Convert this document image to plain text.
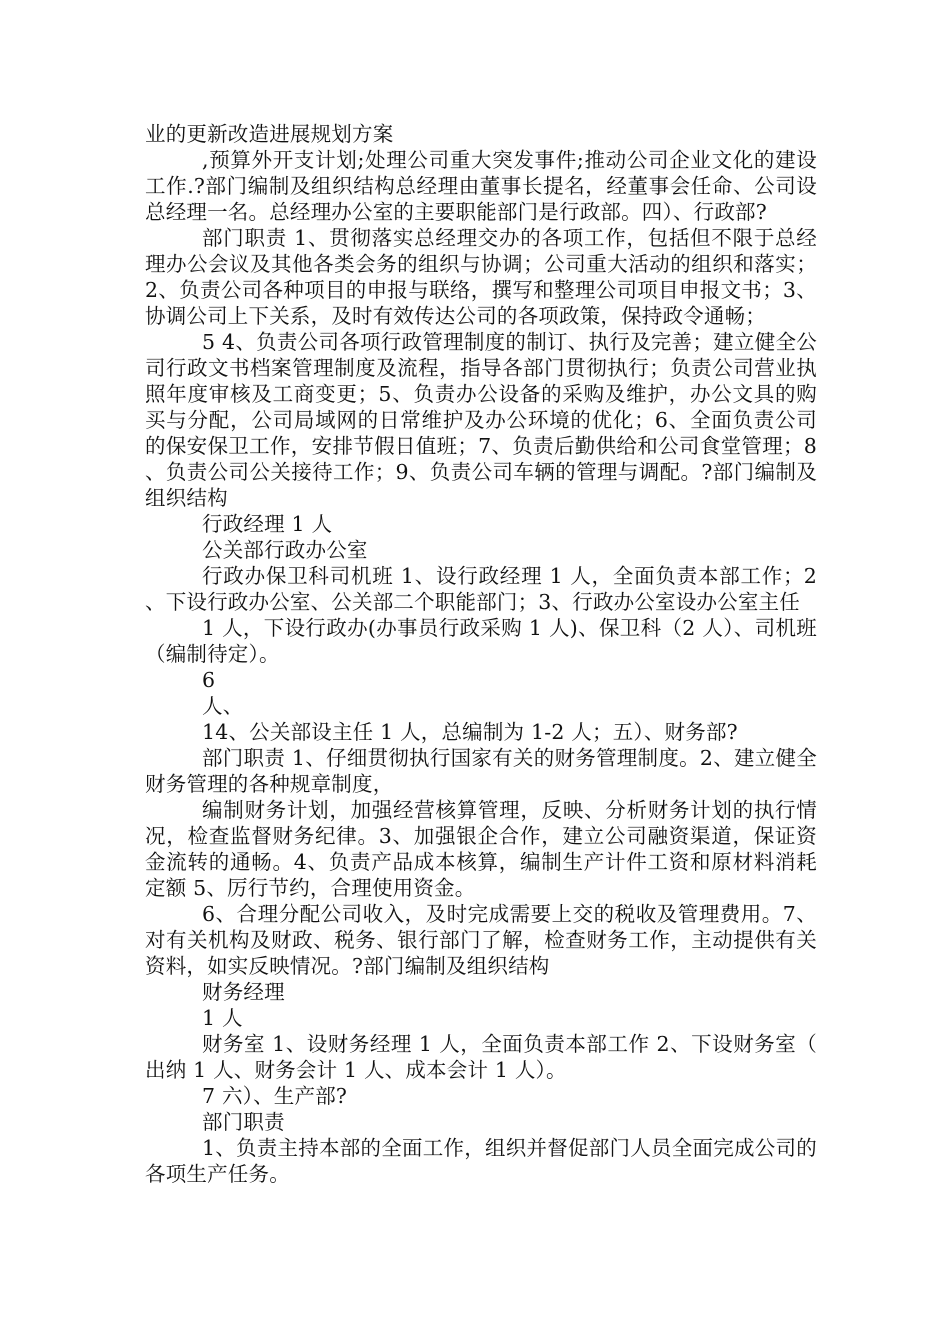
业的更新改造进展规划方案

,预算外开支计划;处理公司重大突发事件;推动公司企业文化的建设工作.?部门编制及组织结构总经理由董事长提名，经董事会任命、公司设总经理一名。总经理办公室的主要职能部门是行政部。四）、行政部?

部门职责 1、贯彻落实总经理交办的各项工作，包括但不限于总经理办公会议及其他各类会务的组织与协调；公司重大活动的组织和落实；2、负责公司各种项目的申报与联络，撰写和整理公司项目申报文书；3、协调公司上下关系，及时有效传达公司的各项政策，保持政令通畅；

5 4、负责公司各项行政管理制度的制订、执行及完善；建立健全公司行政文书档案管理制度及流程，指导各部门贯彻执行；负责公司营业执照年度审核及工商变更；5、负责办公设备的采购及维护，办公文具的购买与分配，公司局域网的日常维护及办公环境的优化；6、全面负责公司的保安保卫工作，安排节假日值班；7、负责后勤供给和公司食堂管理；8、负责公司公关接待工作；9、负责公司车辆的管理与调配。?部门编制及组织结构

行政经理 1 人

公关部行政办公室

行政办保卫科司机班 1、设行政经理 1 人，全面负责本部工作；2、下设行政办公室、公关部二个职能部门；3、行政办公室设办公室主任

1 人，下设行政办(办事员行政采购 1 人)、保卫科（2 人）、司机班（编制待定）。

6

人、

14、公关部设主任 1 人，总编制为 1-2 人；五）、财务部?

部门职责 1、仔细贯彻执行国家有关的财务管理制度。2、建立健全财务管理的各种规章制度，

编制财务计划，加强经营核算管理，反映、分析财务计划的执行情况，检查监督财务纪律。3、加强银企合作，建立公司融资渠道，保证资金流转的通畅。4、负责产品成本核算，编制生产计件工资和原材料消耗定额 5、厉行节约，合理使用资金。

6、合理分配公司收入，及时完成需要上交的税收及管理费用。7、对有关机构及财政、税务、银行部门了解，检查财务工作，主动提供有关资料，如实反映情况。?部门编制及组织结构

财务经理

1 人

财务室 1、设财务经理 1 人，全面负责本部工作 2、下设财务室（出纳 1 人、财务会计 1 人、成本会计 1 人）。

7 六）、生产部?

部门职责

1、负责主持本部的全面工作，组织并督促部门人员全面完成公司的各项生产任务。
